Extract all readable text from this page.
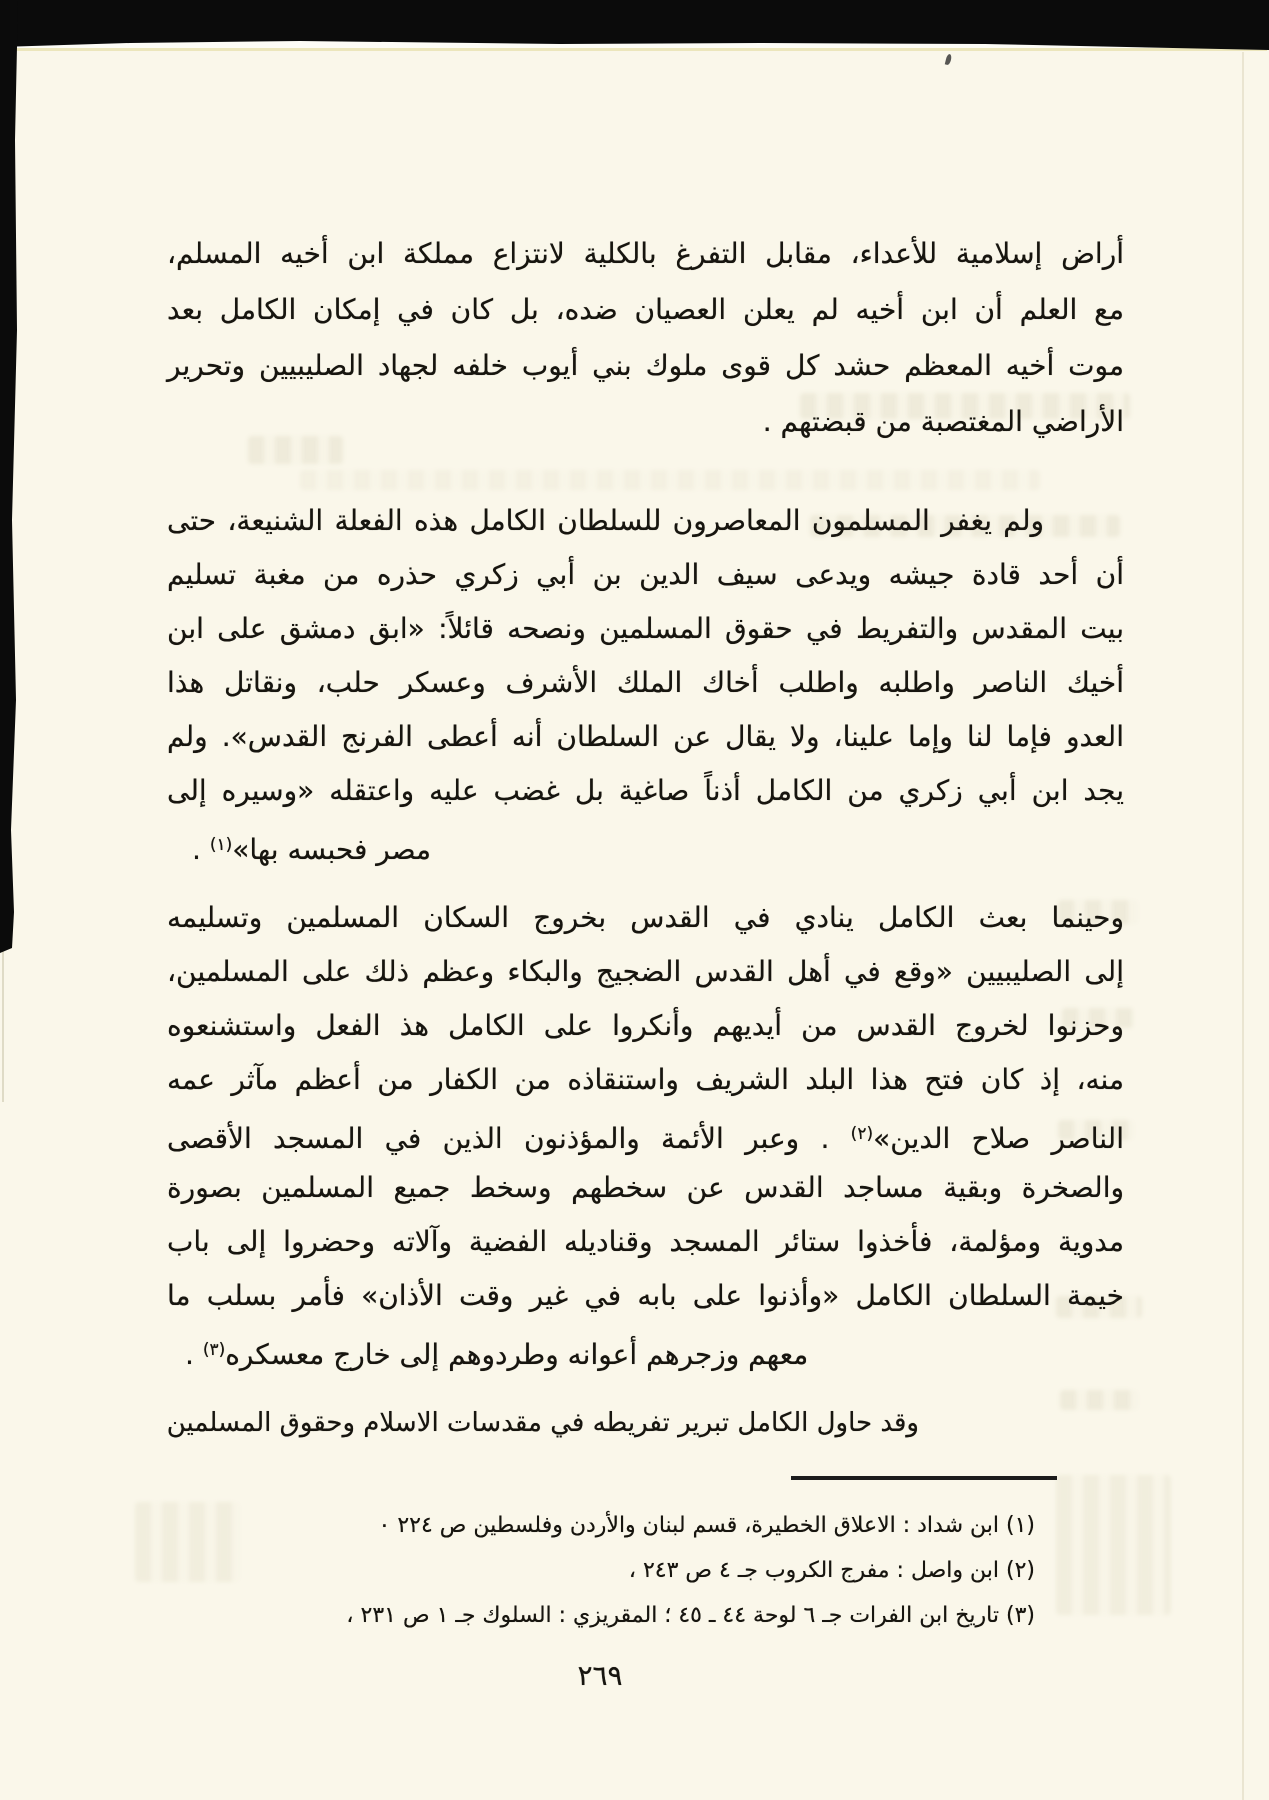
أراض إسلامية للأعداء، مقابل التفرغ بالكلية لانتزاع مملكة ابن أخيه المسلم،
مع العلم أن ابن أخيه لم يعلن العصيان ضده، بل كان في إمكان الكامل بعد
موت أخيه المعظم حشد كل قوى ملوك بني أيوب خلفه لجهاد الصليبيين وتحرير
الأراضي المغتصبة من قبضتهم .
ولم يغفر المسلمون المعاصرون للسلطان الكامل هذه الفعلة الشنيعة، حتى
أن أحد قادة جيشه ويدعى سيف الدين بن أبي زكري حذره من مغبة تسليم
بيت المقدس والتفريط في حقوق المسلمين ونصحه قائلاً: «ابق دمشق على ابن
أخيك الناصر واطلبه واطلب أخاك الملك الأشرف وعسكر حلب، ونقاتل هذا
العدو فإما لنا وإما علينا، ولا يقال عن السلطان أنه أعطى الفرنج القدس». ولم
يجد ابن أبي زكري من الكامل أذناً صاغية بل غضب عليه واعتقله «وسيره إلى
مصر فحبسه بها»$^{(١)}$ .
وحينما بعث الكامل ينادي في القدس بخروج السكان المسلمين وتسليمه
إلى الصليبيين «وقع في أهل القدس الضجيج والبكاء وعظم ذلك على المسلمين،
وحزنوا لخروج القدس من أيديهم وأنكروا على الكامل هذ الفعل واستشنعوه
منه، إذ كان فتح هذا البلد الشريف واستنقاذه من الكفار من أعظم مآثر عمه
الناصر صلاح الدين»$^{(٢)}$ . وعبر الأئمة والمؤذنون الذين في المسجد الأقصى
والصخرة وبقية مساجد القدس عن سخطهم وسخط جميع المسلمين بصورة
مدوية ومؤلمة، فأخذوا ستائر المسجد وقناديله الفضية وآلاته وحضروا إلى باب
خيمة السلطان الكامل «وأذنوا على بابه في غير وقت الأذان» فأمر بسلب ما
معهم وزجرهم أعوانه وطردوهم إلى خارج معسكره$^{(٣)}$ .
وقد حاول الكامل تبرير تفريطه في مقدسات الاسلام وحقوق المسلمين
(١) ابن شداد : الاعلاق الخطيرة، قسم لبنان والأردن وفلسطين ص ٢٢٤ ٠
(٢) ابن واصل : مفرج الكروب جـ ٤ ص ٢٤٣ ،
(٣) تاريخ ابن الفرات جـ ٦ لوحة ٤٤ ـ ٤٥ ؛ المقريزي : السلوك جـ ١ ص ٢٣١ ،
٢٦٩
